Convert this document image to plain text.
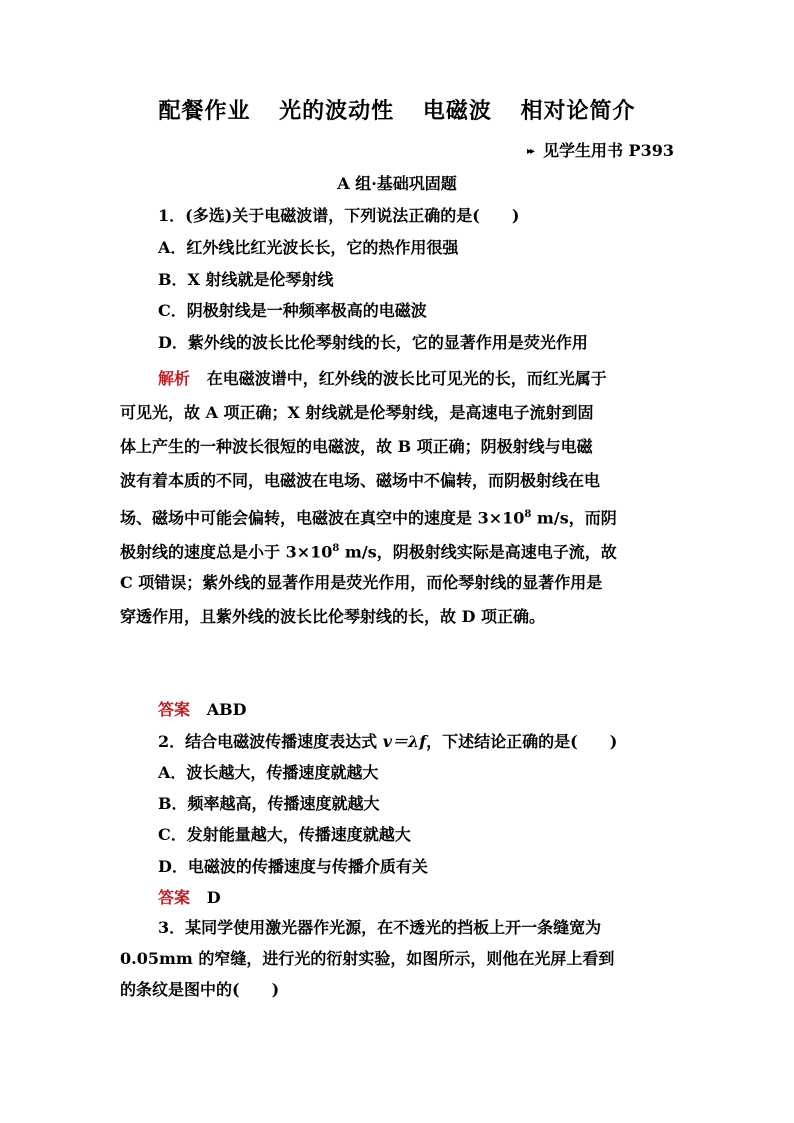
配餐作业 光的波动性 电磁波 相对论简介
▸▸ 见学生用书 P393
A 组·基础巩固题
1．(多选)关于电磁波谱，下列说法正确的是(　　)
A．红外线比红光波长长，它的热作用很强
B．X 射线就是伦琴射线
C．阴极射线是一种频率极高的电磁波
D．紫外线的波长比伦琴射线的长，它的显著作用是荧光作用
解析 在电磁波谱中，红外线的波长比可见光的长，而红光属于
可见光，故 A 项正确；X 射线就是伦琴射线，是高速电子流射到固
体上产生的一种波长很短的电磁波，故 B 项正确；阴极射线与电磁
波有着本质的不同，电磁波在电场、磁场中不偏转，而阴极射线在电
场、磁场中可能会偏转，电磁波在真空中的速度是 $3\times 10^8$ m/s，而阴
极射线的速度总是小于 $3\times 10^8$ m/s，阴极射线实际是高速电子流，故
C 项错误；紫外线的显著作用是荧光作用，而伦琴射线的显著作用是
穿透作用，且紫外线的波长比伦琴射线的长，故 D 项正确。
答案 ABD
2．结合电磁波传播速度表达式 v＝λf，下述结论正确的是(　　)
A．波长越大，传播速度就越大
B．频率越高，传播速度就越大
C．发射能量越大，传播速度就越大
D．电磁波的传播速度与传播介质有关
答案 D
3．某同学使用激光器作光源，在不透光的挡板上开一条缝宽为
0.05mm 的窄缝，进行光的衍射实验，如图所示，则他在光屏上看到
的条纹是图中的(　　)
